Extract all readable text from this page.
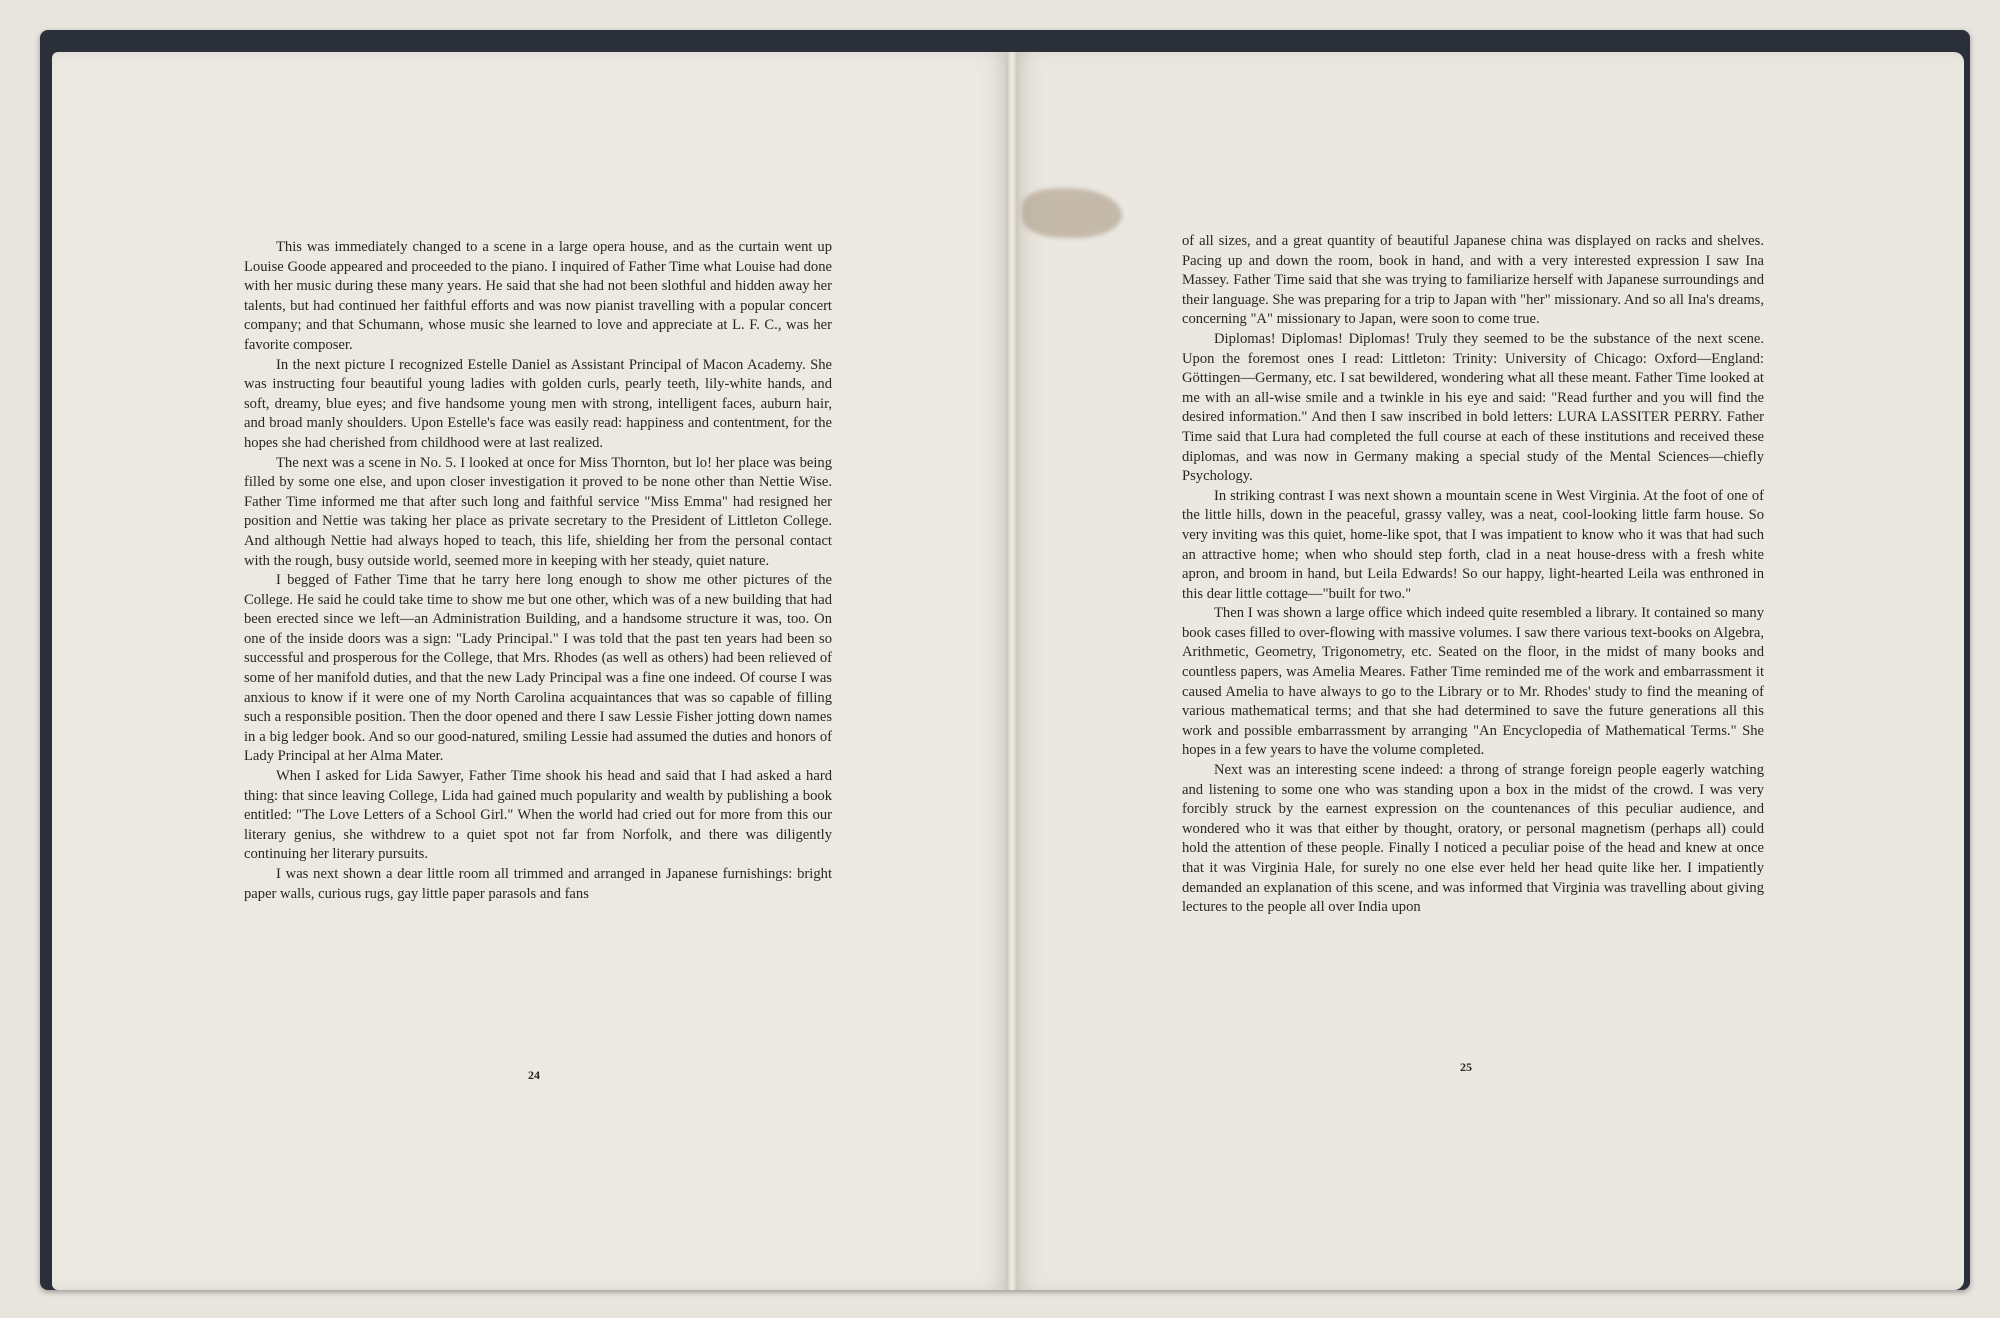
This was immediately changed to a scene in a large opera house, and as the curtain went up Louise Goode appeared and proceeded to the piano. I inquired of Father Time what Louise had done with her music during these many years. He said that she had not been slothful and hidden away her talents, but had continued her faithful efforts and was now pianist travelling with a popular concert company; and that Schumann, whose music she learned to love and appreciate at L. F. C., was her favorite composer.

In the next picture I recognized Estelle Daniel as Assistant Principal of Macon Academy. She was instructing four beautiful young ladies with golden curls, pearly teeth, lily-white hands, and soft, dreamy, blue eyes; and five handsome young men with strong, intelligent faces, auburn hair, and broad manly shoulders. Upon Estelle's face was easily read: happiness and contentment, for the hopes she had cherished from childhood were at last realized.

The next was a scene in No. 5. I looked at once for Miss Thornton, but lo! her place was being filled by some one else, and upon closer investigation it proved to be none other than Nettie Wise. Father Time informed me that after such long and faithful service "Miss Emma" had resigned her position and Nettie was taking her place as private secretary to the President of Littleton College. And although Nettie had always hoped to teach, this life, shielding her from the personal contact with the rough, busy outside world, seemed more in keeping with her steady, quiet nature.

I begged of Father Time that he tarry here long enough to show me other pictures of the College. He said he could take time to show me but one other, which was of a new building that had been erected since we left—an Administration Building, and a handsome structure it was, too. On one of the inside doors was a sign: "Lady Principal." I was told that the past ten years had been so successful and prosperous for the College, that Mrs. Rhodes (as well as others) had been relieved of some of her manifold duties, and that the new Lady Principal was a fine one indeed. Of course I was anxious to know if it were one of my North Carolina acquaintances that was so capable of filling such a responsible position. Then the door opened and there I saw Lessie Fisher jotting down names in a big ledger book. And so our good-natured, smiling Lessie had assumed the duties and honors of Lady Principal at her Alma Mater.

When I asked for Lida Sawyer, Father Time shook his head and said that I had asked a hard thing: that since leaving College, Lida had gained much popularity and wealth by publishing a book entitled: "The Love Letters of a School Girl." When the world had cried out for more from this our literary genius, she withdrew to a quiet spot not far from Norfolk, and there was diligently continuing her literary pursuits.

I was next shown a dear little room all trimmed and arranged in Japanese furnishings: bright paper walls, curious rugs, gay little paper parasols and fans

24

of all sizes, and a great quantity of beautiful Japanese china was displayed on racks and shelves. Pacing up and down the room, book in hand, and with a very interested expression I saw Ina Massey. Father Time said that she was trying to familiarize herself with Japanese surroundings and their language. She was preparing for a trip to Japan with "her" missionary. And so all Ina's dreams, concerning "A" missionary to Japan, were soon to come true.

Diplomas! Diplomas! Diplomas! Truly they seemed to be the substance of the next scene. Upon the foremost ones I read: Littleton: Trinity: University of Chicago: Oxford—England: Göttingen—Germany, etc. I sat bewildered, wondering what all these meant. Father Time looked at me with an all-wise smile and a twinkle in his eye and said: "Read further and you will find the desired information." And then I saw inscribed in bold letters: LURA LASSITER PERRY. Father Time said that Lura had completed the full course at each of these institutions and received these diplomas, and was now in Germany making a special study of the Mental Sciences—chiefly Psychology.

In striking contrast I was next shown a mountain scene in West Virginia. At the foot of one of the little hills, down in the peaceful, grassy valley, was a neat, cool-looking little farm house. So very inviting was this quiet, home-like spot, that I was impatient to know who it was that had such an attractive home; when who should step forth, clad in a neat house-dress with a fresh white apron, and broom in hand, but Leila Edwards! So our happy, light-hearted Leila was enthroned in this dear little cottage—"built for two."

Then I was shown a large office which indeed quite resembled a library. It contained so many book cases filled to over-flowing with massive volumes. I saw there various text-books on Algebra, Arithmetic, Geometry, Trigonometry, etc. Seated on the floor, in the midst of many books and countless papers, was Amelia Meares. Father Time reminded me of the work and embarrassment it caused Amelia to have always to go to the Library or to Mr. Rhodes' study to find the meaning of various mathematical terms; and that she had determined to save the future generations all this work and possible embarrassment by arranging "An Encyclopedia of Mathematical Terms." She hopes in a few years to have the volume completed.

Next was an interesting scene indeed: a throng of strange foreign people eagerly watching and listening to some one who was standing upon a box in the midst of the crowd. I was very forcibly struck by the earnest expression on the countenances of this peculiar audience, and wondered who it was that either by thought, oratory, or personal magnetism (perhaps all) could hold the attention of these people. Finally I noticed a peculiar poise of the head and knew at once that it was Virginia Hale, for surely no one else ever held her head quite like her. I impatiently demanded an explanation of this scene, and was informed that Virginia was travelling about giving lectures to the people all over India upon

25
